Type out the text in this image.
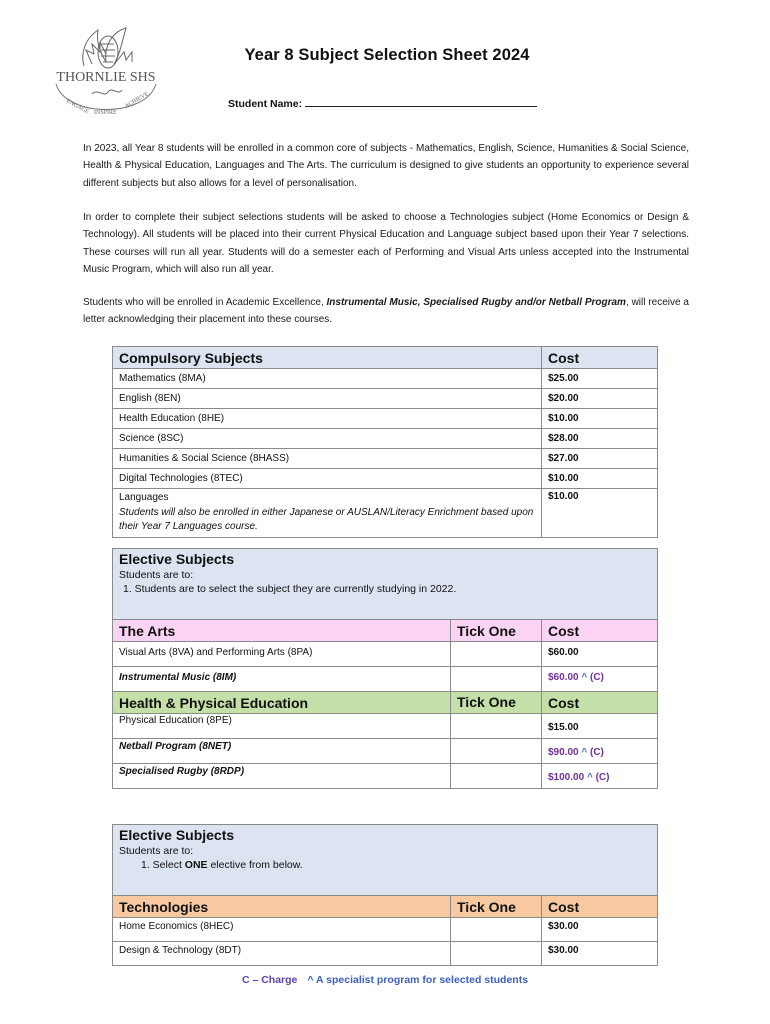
THORNLIE SHS
ENGAGE INSPIRE
ACHIEVE
Year 8 Subject Selection Sheet 2024
Student Name:
In 2023, all Year 8 students will be enrolled in a common core of subjects - Mathematics, English, Science, Humanities & Social Science, Health & Physical Education, Languages and The Arts. The curriculum is designed to give students an opportunity to experience several different subjects but also allows for a level of personalisation.
In order to complete their subject selections students will be asked to choose a Technologies subject (Home Economics or Design & Technology). All students will be placed into their current Physical Education and Language subject based upon their Year 7 selections. These courses will run all year. Students will do a semester each of Performing and Visual Arts unless accepted into the Instrumental Music Program, which will also run all year.
Students who will be enrolled in Academic Excellence, Instrumental Music, Specialised Rugby and/or Netball Program, will receive a letter acknowledging their placement into these courses.
Compulsory Subjects	Cost
Mathematics (8MA)	$25.00
English (8EN)	$20.00
Health Education (8HE)	$10.00
Science (8SC)	$28.00
Humanities & Social Science (8HASS)	$27.00
Digital Technologies (8TEC)	$10.00

Languages
Students will also be enrolled in either Japanese or AUSLAN/Literacy Enrichment based upon their Year 7 Languages course.	$10.00
Elective Subjects
Students are to:
1. Students are to select the subject they are currently studying in 2022.
The Arts	Tick One	Cost
Visual Arts (8VA) and Performing Arts (8PA)		$60.00
Instrumental Music (8IM)		$60.00 ^ (C)
Health & Physical Education	Tick One	Cost
Physical Education (8PE)		$15.00
Netball Program (8NET)		$90.00 ^ (C)
Specialised Rugby (8RDP)		$100.00 ^ (C)
Elective Subjects
Students are to:
1. Select ONE elective from below.
Technologies	Tick One	Cost
Home Economics (8HEC)		$30.00
Design & Technology (8DT)		$30.00
C – Charge ^ A specialist program for selected students
